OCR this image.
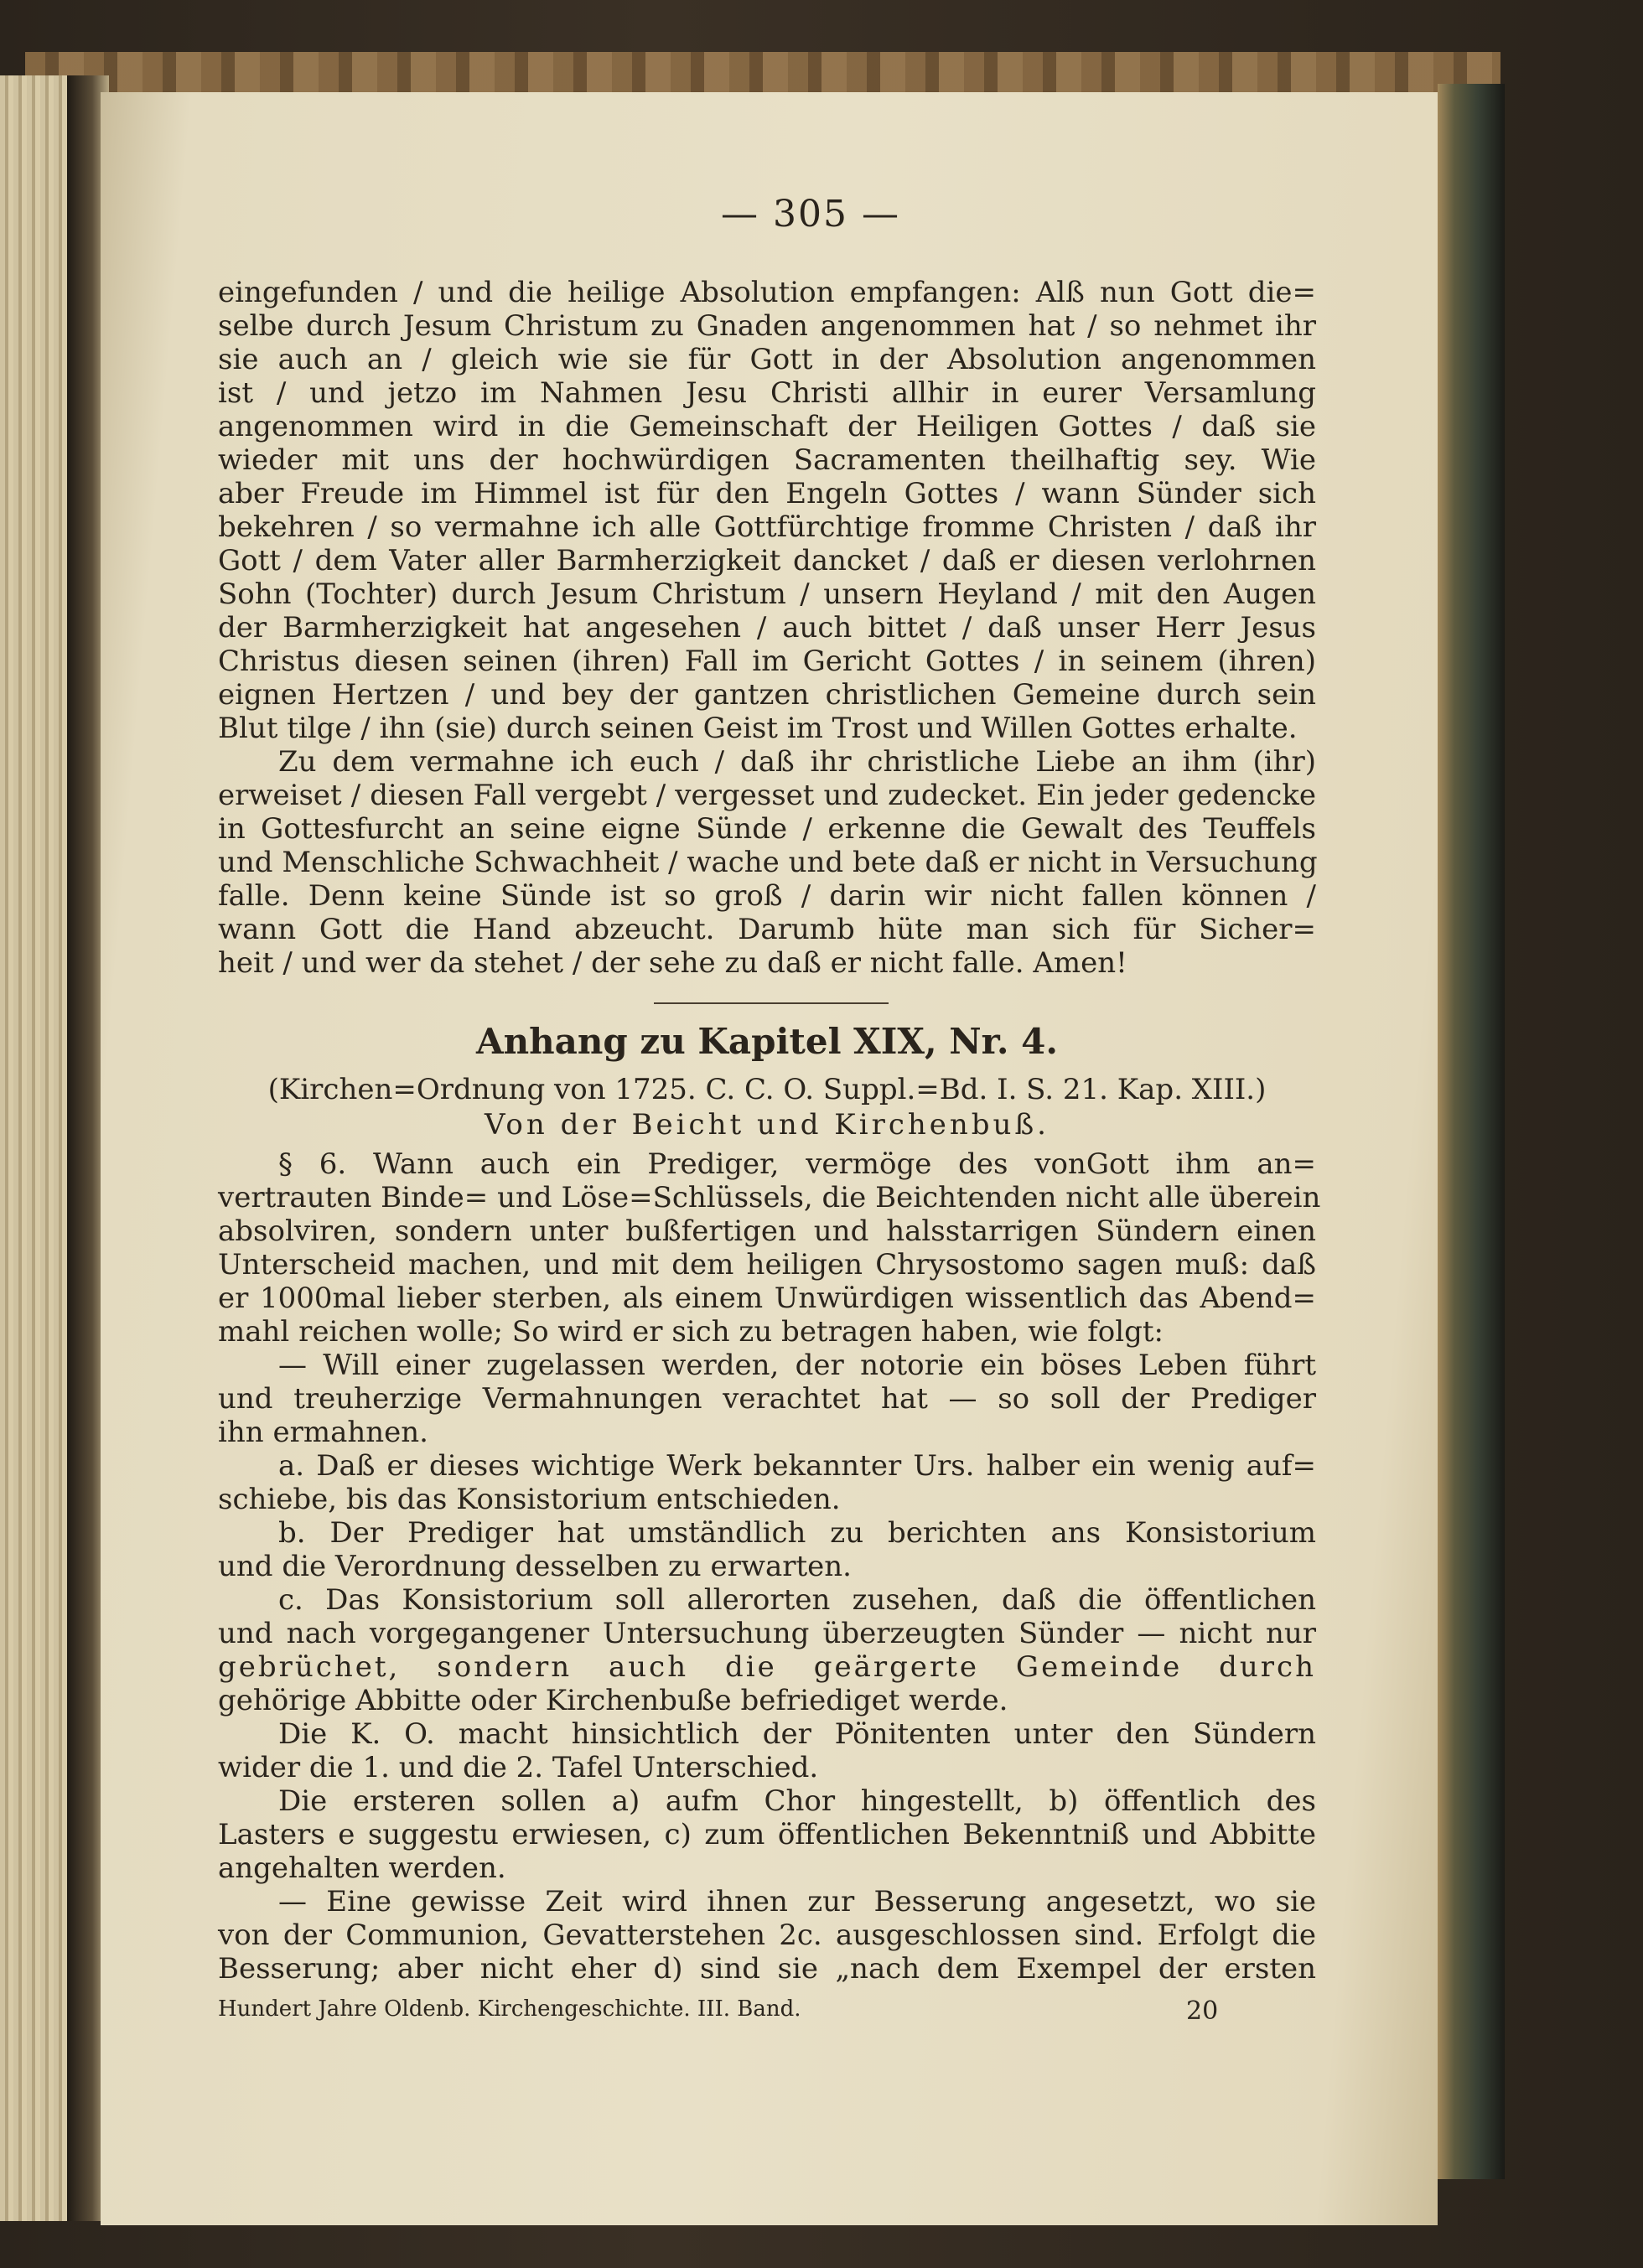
— 305 —
eingefunden / und die heilige Absolution empfangen: Alß nun Gott die=
selbe durch Jesum Christum zu Gnaden angenommen hat / so nehmet ihr
sie auch an / gleich wie sie für Gott in der Absolution angenommen
ist / und jetzo im Nahmen Jesu Christi allhir in eurer Versamlung
angenommen wird in die Gemeinschaft der Heiligen Gottes / daß sie
wieder mit uns der hochwürdigen Sacramenten theilhaftig sey. Wie
aber Freude im Himmel ist für den Engeln Gottes / wann Sünder sich
bekehren / so vermahne ich alle Gottfürchtige fromme Christen / daß ihr
Gott / dem Vater aller Barmherzigkeit dancket / daß er diesen verlohrnen
Sohn (Tochter) durch Jesum Christum / unsern Heyland / mit den Augen
der Barmherzigkeit hat angesehen / auch bittet / daß unser Herr Jesus
Christus diesen seinen (ihren) Fall im Gericht Gottes / in seinem (ihren)
eignen Hertzen / und bey der gantzen christlichen Gemeine durch sein
Blut tilge / ihn (sie) durch seinen Geist im Trost und Willen Gottes erhalte.
Zu dem vermahne ich euch / daß ihr christliche Liebe an ihm (ihr)
erweiset / diesen Fall vergebt / vergesset und zudecket. Ein jeder gedencke
in Gottesfurcht an seine eigne Sünde / erkenne die Gewalt des Teuffels
und Menschliche Schwachheit / wache und bete daß er nicht in Versuchung
falle. Denn keine Sünde ist so groß / darin wir nicht fallen können /
wann Gott die Hand abzeucht. Darumb hüte man sich für Sicher=
heit / und wer da stehet / der sehe zu daß er nicht falle. Amen!
Anhang zu Kapitel XIX, Nr. 4.
(Kirchen=Ordnung von 1725. C. C. O. Suppl.=Bd. I. S. 21. Kap. XIII.)
Von der Beicht und Kirchenbuß.
§ 6. Wann auch ein Prediger, vermöge des vonGott ihm an=
vertrauten Binde= und Löse=Schlüssels, die Beichtenden nicht alle überein
absolviren, sondern unter bußfertigen und halsstarrigen Sündern einen
Unterscheid machen, und mit dem heiligen Chrysostomo sagen muß: daß
er 1000mal lieber sterben, als einem Unwürdigen wissentlich das Abend=
mahl reichen wolle; So wird er sich zu betragen haben, wie folgt:
— Will einer zugelassen werden, der notorie ein böses Leben führt
und treuherzige Vermahnungen verachtet hat — so soll der Prediger
ihn ermahnen.
a. Daß er dieses wichtige Werk bekannter Urs. halber ein wenig auf=
schiebe, bis das Konsistorium entschieden.
b. Der Prediger hat umständlich zu berichten ans Konsistorium
und die Verordnung desselben zu erwarten.
c. Das Konsistorium soll allerorten zusehen, daß die öffentlichen
und nach vorgegangener Untersuchung überzeugten Sünder — nicht nur
gebrüchet, sondern auch die geärgerte Gemeinde durch
gehörige Abbitte oder Kirchenbuße befriediget werde.
Die K. O. macht hinsichtlich der Pönitenten unter den Sündern
wider die 1. und die 2. Tafel Unterschied.
Die ersteren sollen a) aufm Chor hingestellt, b) öffentlich des
Lasters e suggestu erwiesen, c) zum öffentlichen Bekenntniß und Abbitte
angehalten werden.
— Eine gewisse Zeit wird ihnen zur Besserung angesetzt, wo sie
von der Communion, Gevatterstehen 2c. ausgeschlossen sind. Erfolgt die
Besserung; aber nicht eher d) sind sie „nach dem Exempel der ersten
Hundert Jahre Oldenb. Kirchengeschichte. III. Band.	20
